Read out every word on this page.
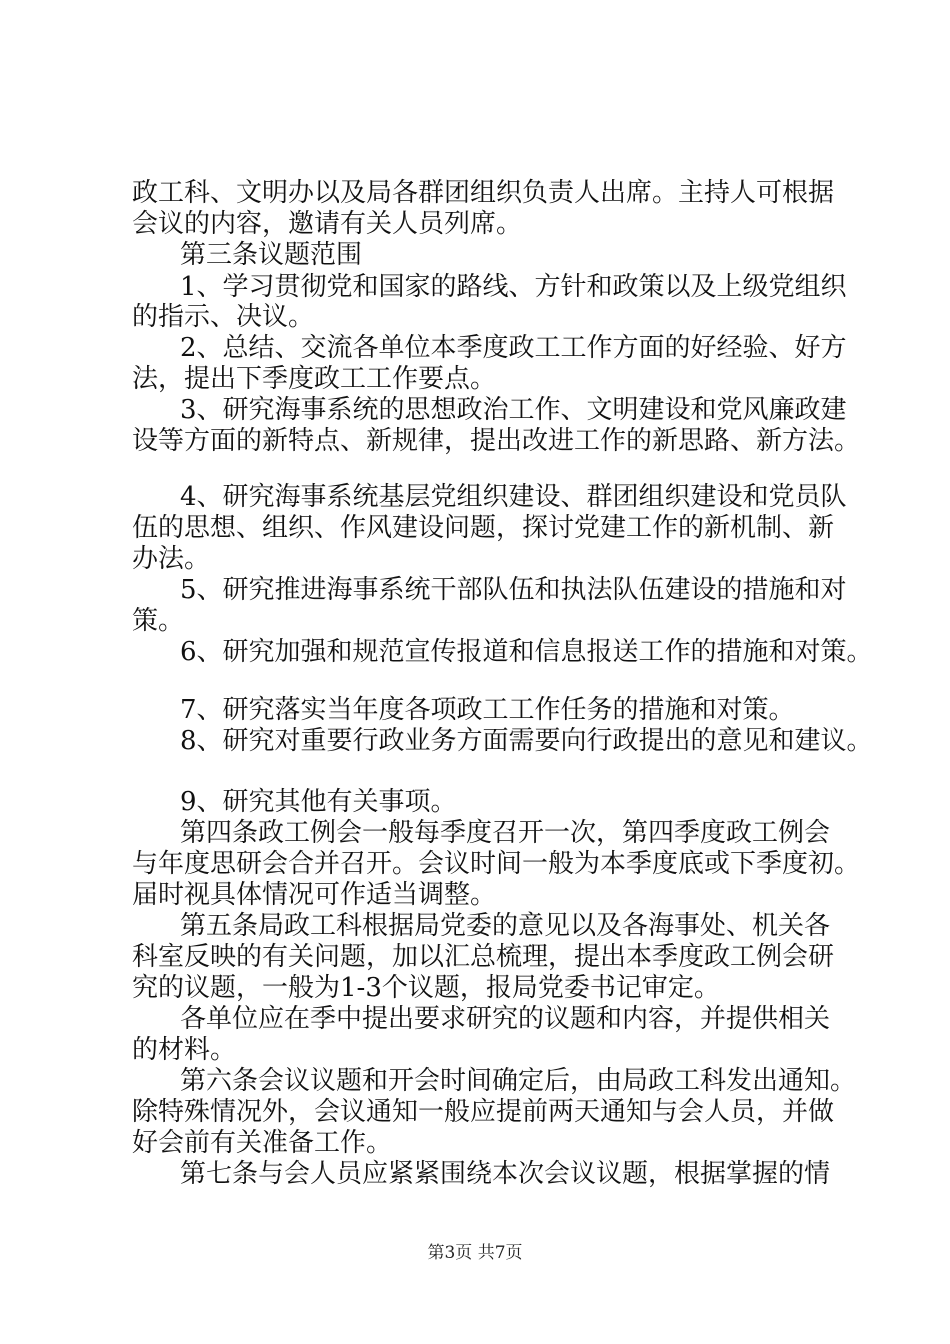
政工科、文明办以及局各群团组织负责人出席。主持人可根据
会议的内容，邀请有关人员列席。
第三条议题范围
1、学习贯彻党和国家的路线、方针和政策以及上级党组织
的指示、决议。
2、总结、交流各单位本季度政工工作方面的好经验、好方
法，提出下季度政工工作要点。
3、研究海事系统的思想政治工作、文明建设和党风廉政建
设等方面的新特点、新规律，提出改进工作的新思路、新方法。
4、研究海事系统基层党组织建设、群团组织建设和党员队
伍的思想、组织、作风建设问题，探讨党建工作的新机制、新
办法。
5、研究推进海事系统干部队伍和执法队伍建设的措施和对
策。
6、研究加强和规范宣传报道和信息报送工作的措施和对策。
7、研究落实当年度各项政工工作任务的措施和对策。
8、研究对重要行政业务方面需要向行政提出的意见和建议。
9、研究其他有关事项。
第四条政工例会一般每季度召开一次，第四季度政工例会
与年度思研会合并召开。会议时间一般为本季度底或下季度初。
届时视具体情况可作适当调整。
第五条局政工科根据局党委的意见以及各海事处、机关各
科室反映的有关问题，加以汇总梳理，提出本季度政工例会研
究的议题，一般为1-3个议题，报局党委书记审定。
各单位应在季中提出要求研究的议题和内容，并提供相关
的材料。
第六条会议议题和开会时间确定后，由局政工科发出通知。
除特殊情况外，会议通知一般应提前两天通知与会人员，并做
好会前有关准备工作。
第七条与会人员应紧紧围绕本次会议议题，根据掌握的情
第3页 共7页
